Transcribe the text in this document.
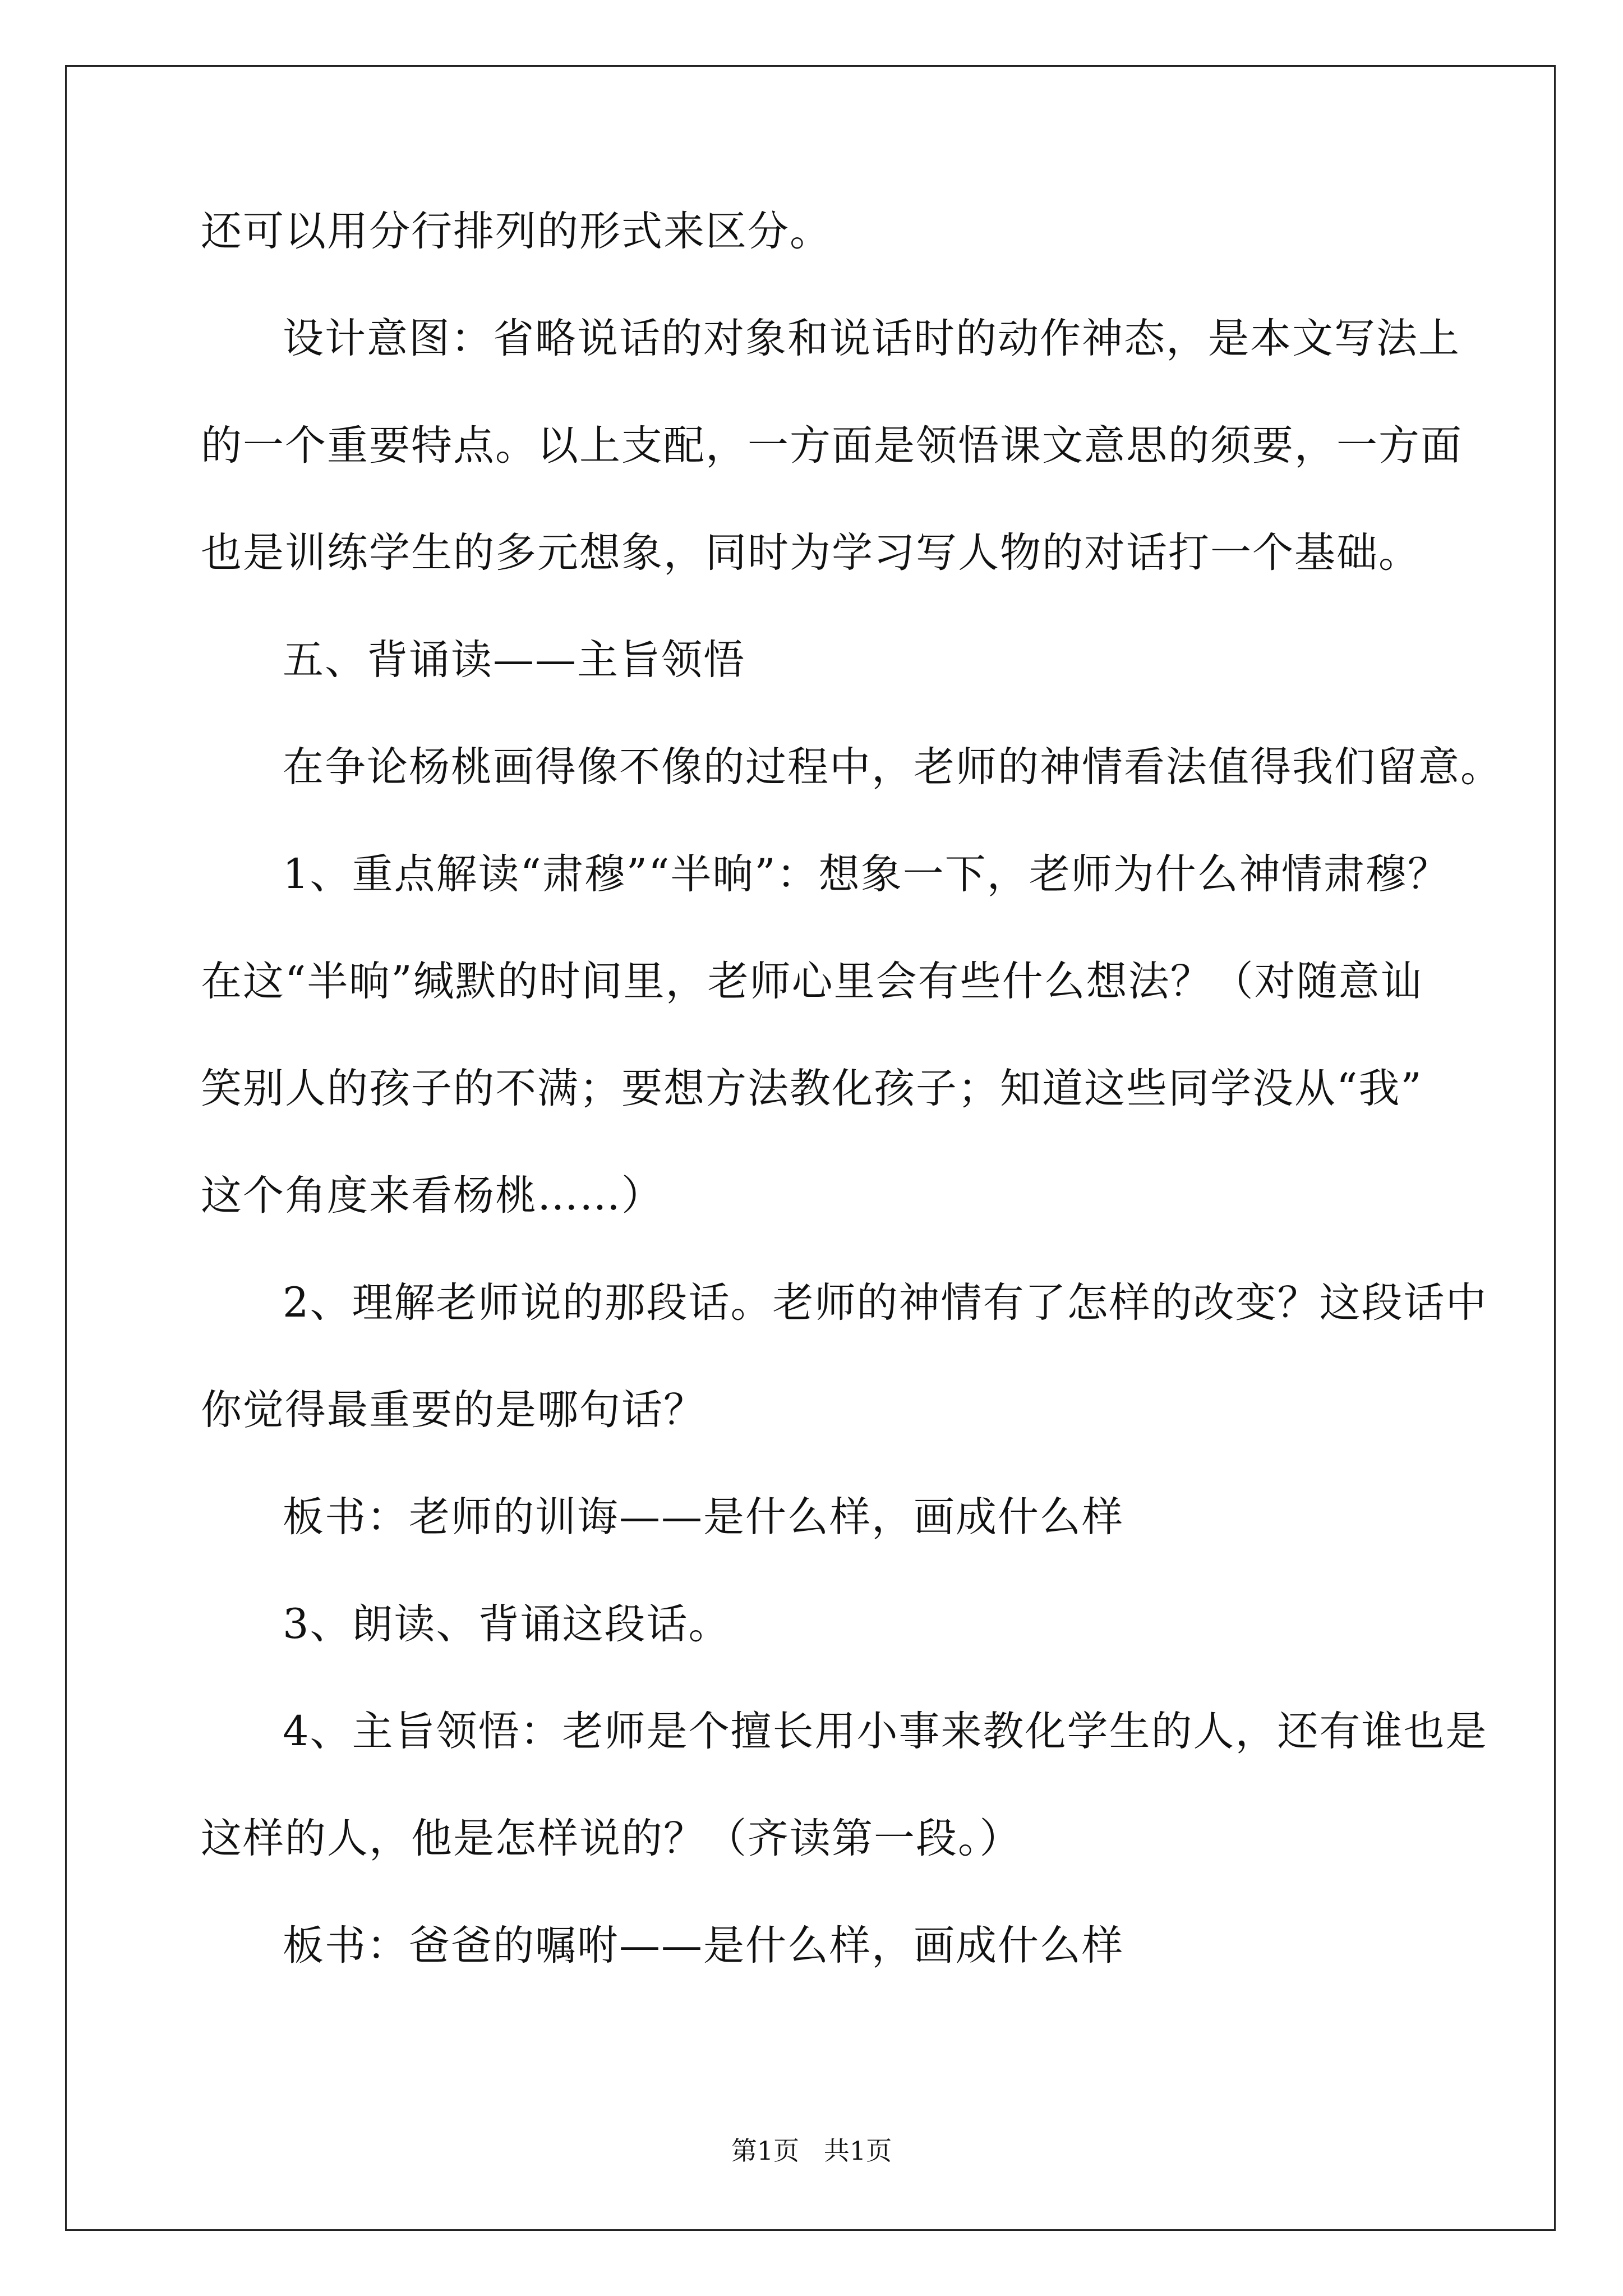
还可以用分行排列的形式来区分。
设计意图：省略说话的对象和说话时的动作神态，是本文写法上
的一个重要特点。以上支配，一方面是领悟课文意思的须要，一方面
也是训练学生的多元想象，同时为学习写人物的对话打一个基础。
五、背诵读——主旨领悟
在争论杨桃画得像不像的过程中，老师的神情看法值得我们留意。
1、重点解读“肃穆”“半晌”：想象一下，老师为什么神情肃穆？
在这“半晌”缄默的时间里，老师心里会有些什么想法？（对随意讪
笑别人的孩子的不满；要想方法教化孩子；知道这些同学没从“我”
这个角度来看杨桃……）
2、理解老师说的那段话。老师的神情有了怎样的改变？这段话中
你觉得最重要的是哪句话？
板书：老师的训诲——是什么样，画成什么样
3、朗读、背诵这段话。
4、主旨领悟：老师是个擅长用小事来教化学生的人，还有谁也是
这样的人，他是怎样说的？（齐读第一段。）
板书：爸爸的嘱咐——是什么样，画成什么样
第1页   共1页
